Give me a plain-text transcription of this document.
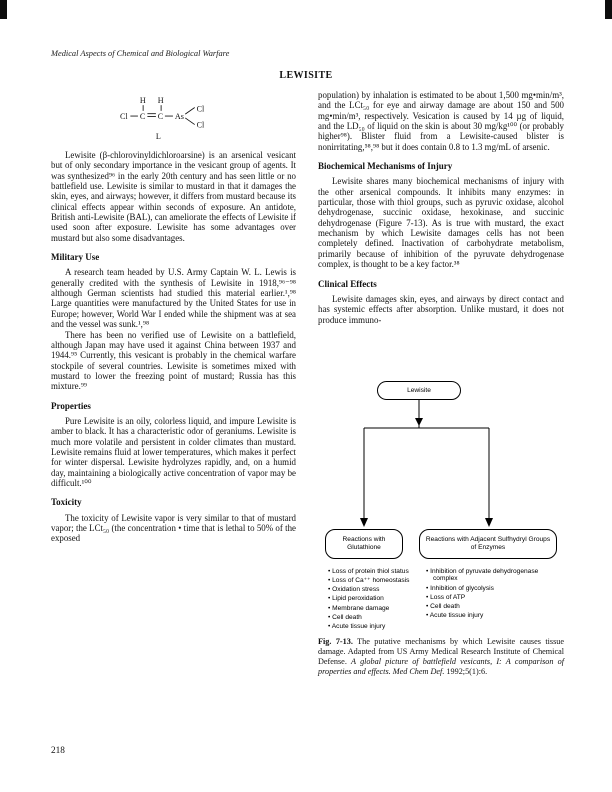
Medical Aspects of Chemical and Biological Warfare
LEWISITE
Cl C
H
C
H
As
Cl
Cl
L

Lewisite (β-chlorovinyldichloroarsine) is an arsenical vesicant but of only secondary importance in the vesicant group of agents. It was synthesized⁹⁶ in the early 20th century and has seen little or no battlefield use. Lewisite is similar to mustard in that it damages the skin, eyes, and airways; however, it differs from mustard because its clinical effects appear within seconds of exposure. An antidote, British anti-Lewisite (BAL), can ameliorate the effects of Lewisite if used soon after exposure. Lewisite has some advantages over mustard but also some disadvantages.

Military Use

A research team headed by U.S. Army Captain W. L. Lewis is generally credited with the synthesis of Lewisite in 1918,⁹⁶⁻⁹⁸ although German scientists had studied this material earlier.¹,⁹⁸ Large quantities were manufactured by the United States for use in Europe; however, World War I ended while the shipment was at sea and the vessel was sunk.¹,⁹⁸

There has been no verified use of Lewisite on a battlefield, although Japan may have used it against China between 1937 and 1944.⁹⁵ Currently, this vesicant is probably in the chemical warfare stockpile of several countries. Lewisite is sometimes mixed with mustard to lower the freezing point of mustard; Russia has this mixture.⁹⁹

Properties

Pure Lewisite is an oily, colorless liquid, and impure Lewisite is amber to black. It has a characteristic odor of geraniums. Lewisite is much more volatile and persistent in colder climates than mustard. Lewisite remains fluid at lower temperatures, which makes it perfect for winter dispersal. Lewisite hydrolyzes rapidly, and, on a humid day, maintaining a biologically active concentration of vapor may be difficult.¹⁰⁰

Toxicity

The toxicity of Lewisite vapor is very similar to that of mustard vapor; the LCt₅₀ (the concentration • time that is lethal to 50% of the exposed

population) by inhalation is estimated to be about 1,500 mg•min/m³, and the LCt₅₀ for eye and airway damage are about 150 and 500 mg•min/m³, respectively. Vesication is caused by 14 µg of liquid, and the LD₅₀ of liquid on the skin is about 30 mg/kg¹⁰⁰ (or probably higher⁹⁸). Blister fluid from a Lewisite-caused blister is nonirritating,⁵⁸,⁹⁸ but it does contain 0.8 to 1.3 mg/mL of arsenic.

Biochemical Mechanisms of Injury

Lewisite shares many biochemical mechanisms of injury with the other arsenical compounds. It inhibits many enzymes: in particular, those with thiol groups, such as pyruvic oxidase, alcohol dehydrogenase, succinic oxidase, hexokinase, and succinic dehydrogenase (Figure 7-13). As is true with mustard, the exact mechanism by which Lewisite damages cells has not been completely defined. Inactivation of carbohydrate metabolism, primarily because of inhibition of the pyruvate dehydrogenase complex, is thought to be a key factor.³⁸

Clinical Effects

Lewisite damages skin, eyes, and airways by direct contact and has systemic effects after absorption. Unlike mustard, it does not produce immuno-

Lewisite
Reactions with Glutathione
Reactions with Adjacent Sulfhydryl Groups of Enzymes
• Loss of protein thiol status
• Loss of Ca⁺⁺ homeostasis
• Oxidation stress
• Lipid peroxidation
• Membrane damage
• Cell death
• Acute tissue injury
• Inhibition of pyruvate dehydrogenase complex
• Inhibition of glycolysis
• Loss of ATP
• Cell death
• Acute tissue injury

Fig. 7-13. The putative mechanisms by which Lewisite causes tissue damage. Adapted from US Army Medical Research Institute of Chemical Defense. A global picture of battlefield vesicants, I: A comparison of properties and effects. Med Chem Def. 1992;5(1):6.

218
